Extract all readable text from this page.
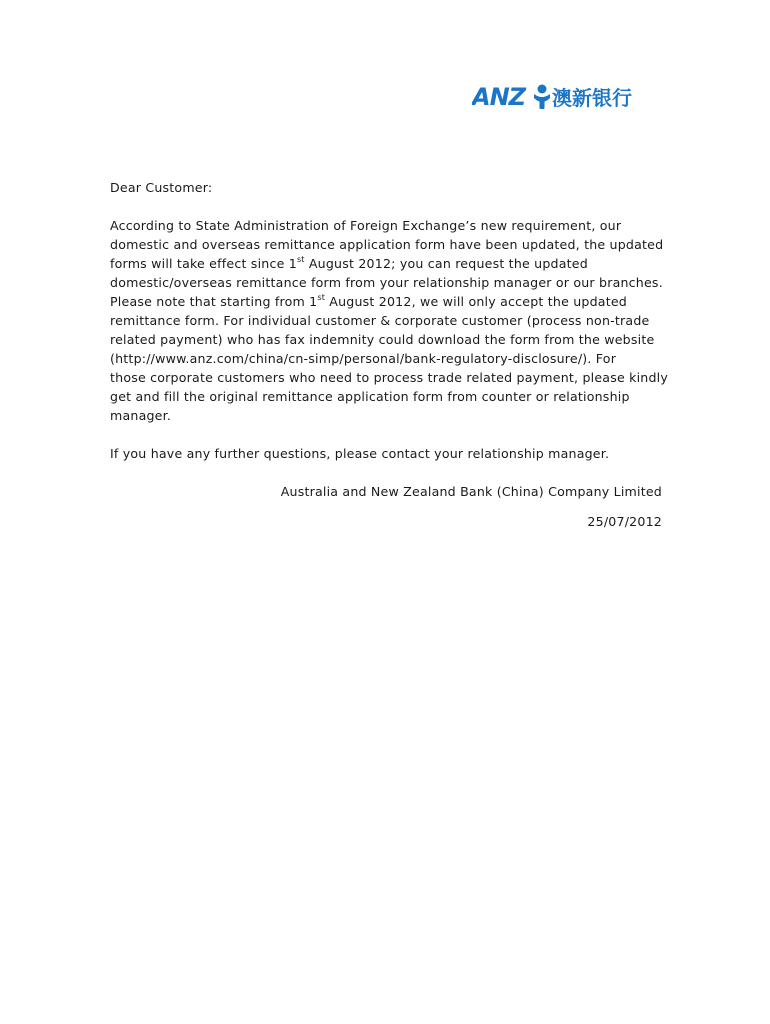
ANZ 澳新银行

Dear Customer:

According to State Administration of Foreign Exchange’s new requirement, our

domestic and overseas remittance application form have been updated, the updated

forms will take effect since 1st August 2012; you can request the updated

domestic/overseas remittance form from your relationship manager or our branches.

Please note that starting from 1st August 2012, we will only accept the updated

remittance form. For individual customer & corporate customer (process non-trade

related payment) who has fax indemnity could download the form from the website

(http://www.anz.com/china/cn-simp/personal/bank-regulatory-disclosure/). For

those corporate customers who need to process trade related payment, please kindly

get and fill the original remittance application form from counter or relationship

manager.

If you have any further questions, please contact your relationship manager.

Australia and New Zealand Bank (China) Company Limited

25/07/2012
